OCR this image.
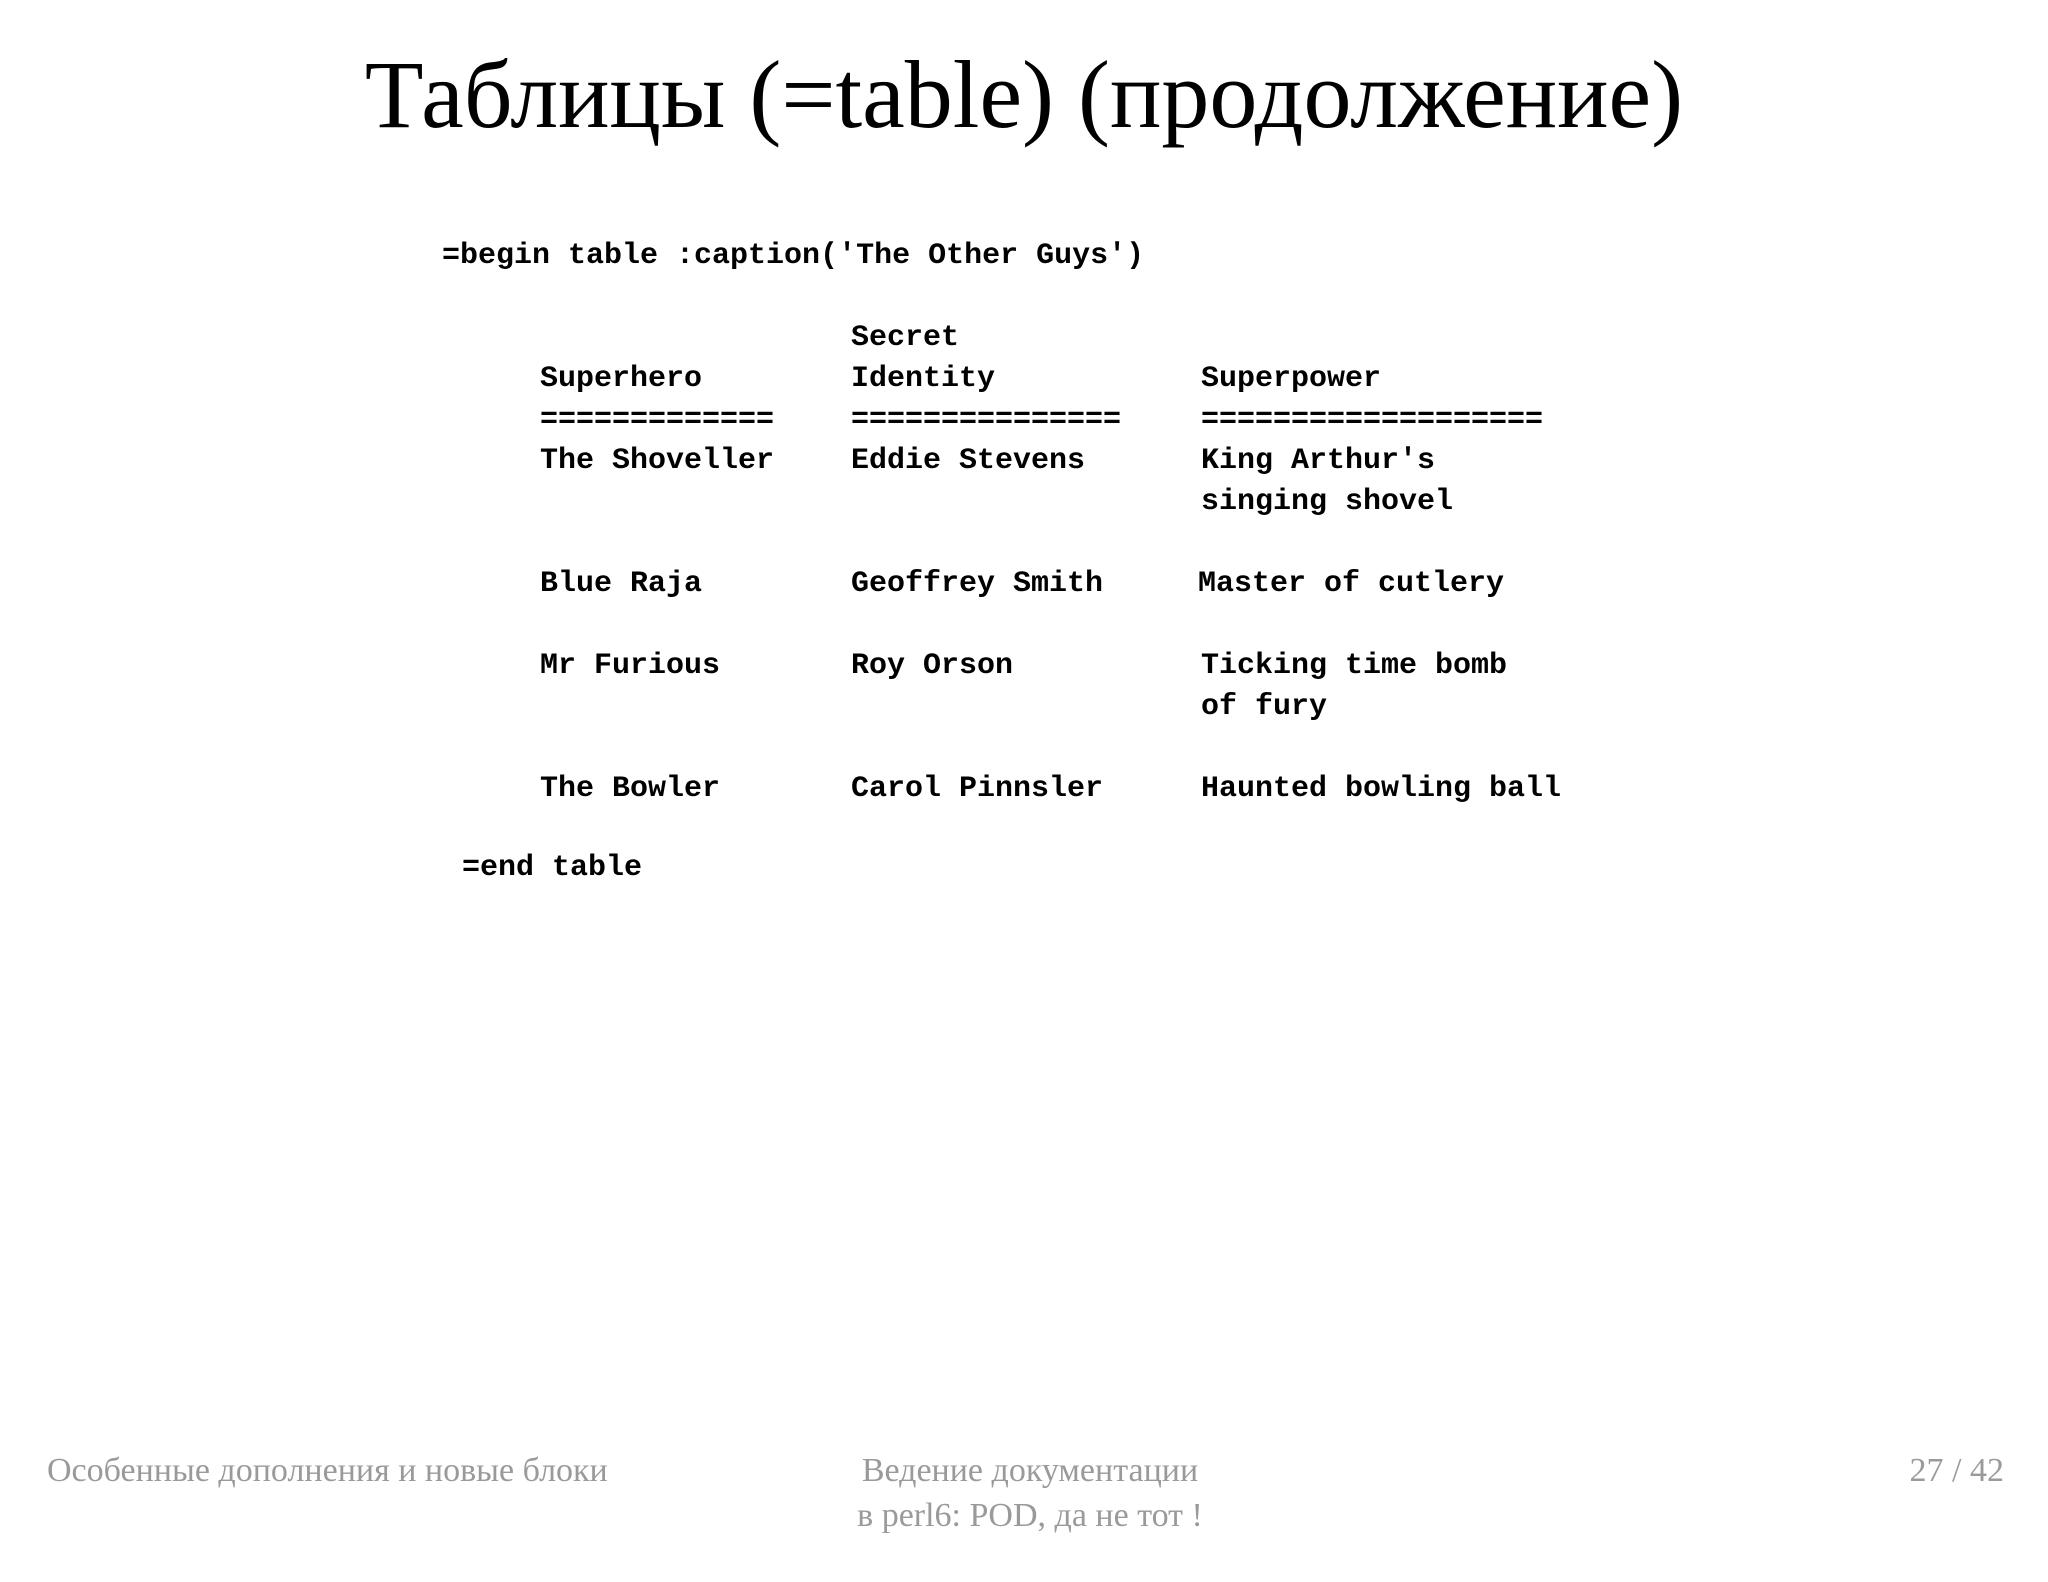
Таблицы (=table) (продолжение)
=begin table :caption('The Other Guys')
Secret
Superhero	Identity	Superpower
=============	===============	===================
The Shoveller	Eddie Stevens	King Arthur's
singing shovel
Blue Raja	Geoffrey Smith	Master of cutlery
Mr Furious	Roy Orson	Ticking time bomb
of fury
The Bowler	Carol Pinnsler	Haunted bowling ball
=end table
Особенные дополнения и новые блоки	Ведение документации
в perl6: POD, да не тот !
27 / 42
